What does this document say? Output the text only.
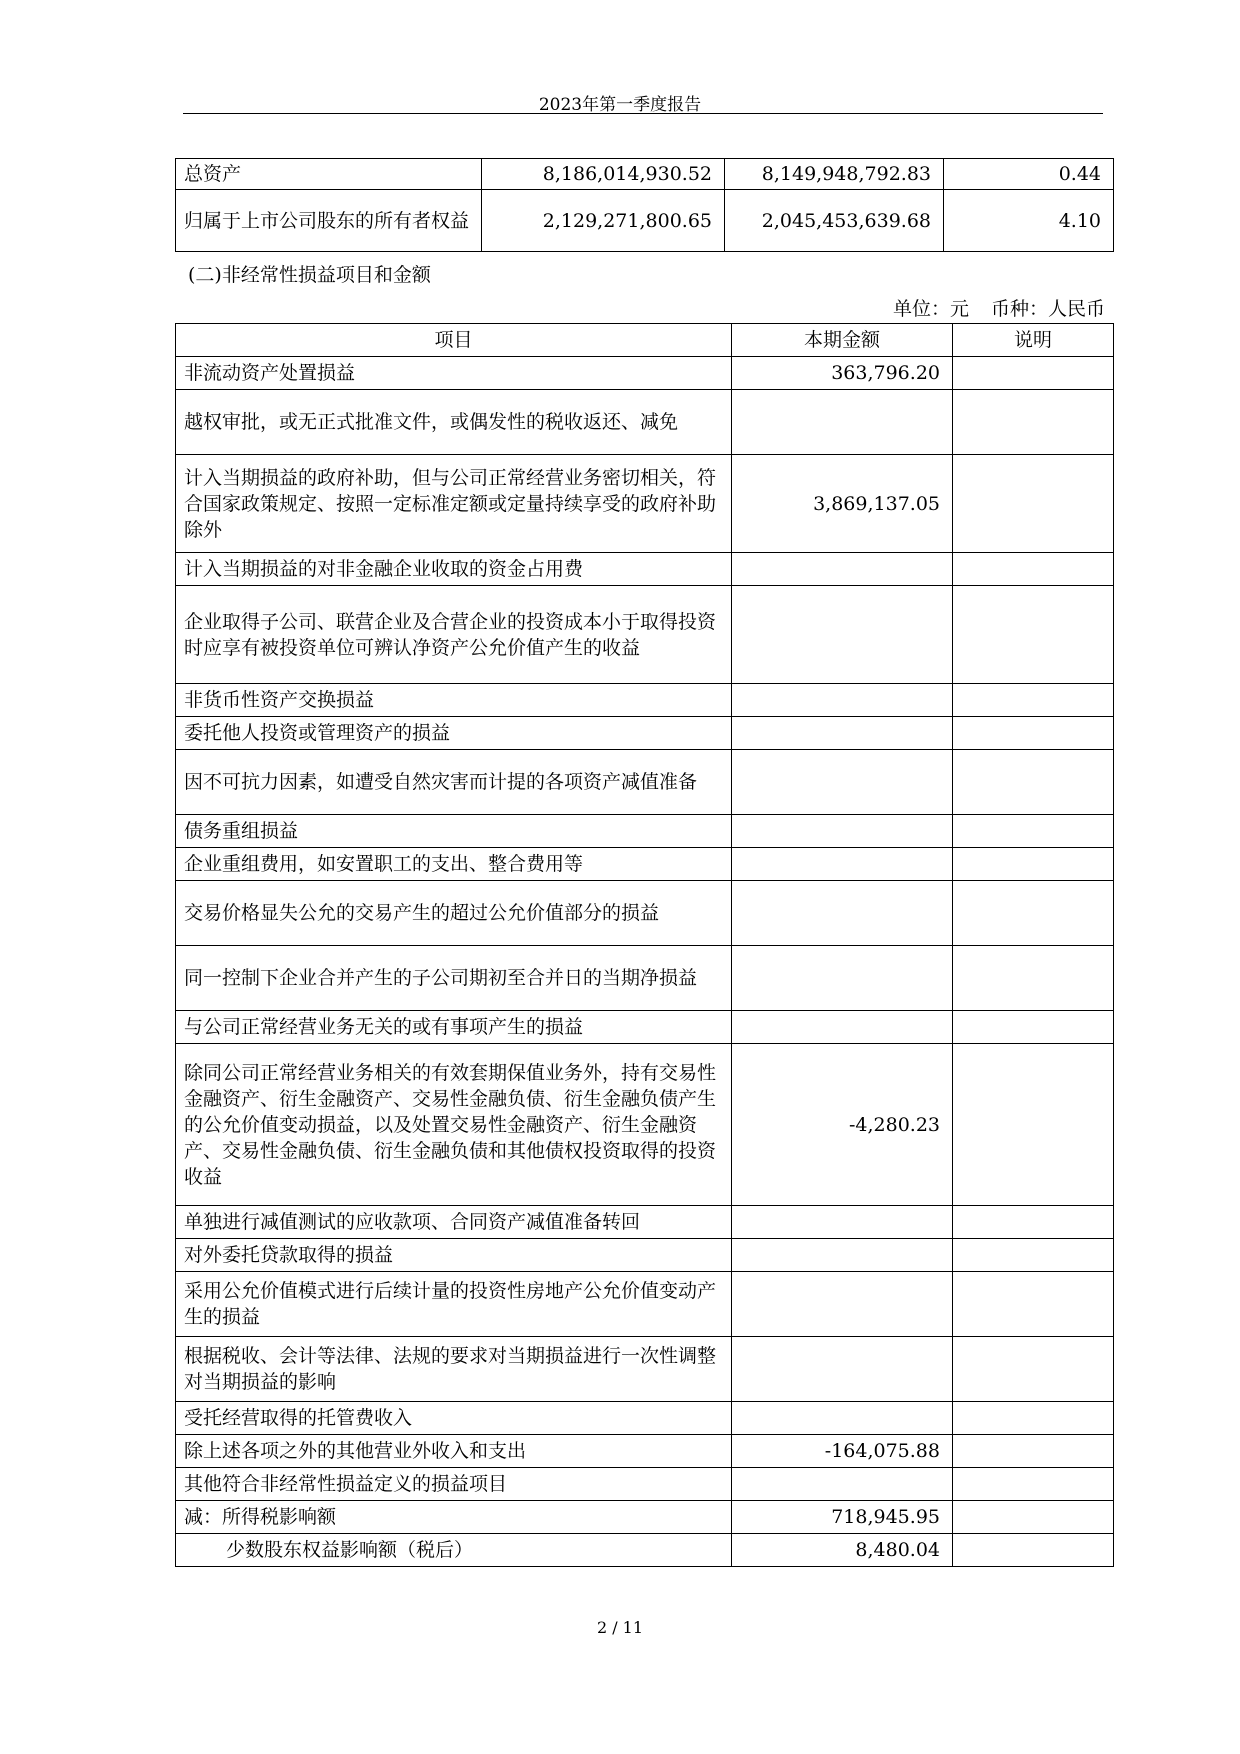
2023年第一季度报告
总资产	8,186,014,930.52	8,149,948,792.83	0.44
归属于上市公司股东的所有者权益	2,129,271,800.65	2,045,453,639.68	4.10
(二)非经常性损益项目和金额
单位：元 币种：人民币
项目	本期金额	说明
非流动资产处置损益	363,796.20	
越权审批，或无正式批准文件，或偶发性的税收返还、减免		
计入当期损益的政府补助，但与公司正常经营业务密切相关，符合国家政策规定、按照一定标准定额或定量持续享受的政府补助除外	3,869,137.05	
计入当期损益的对非金融企业收取的资金占用费		
企业取得子公司、联营企业及合营企业的投资成本小于取得投资时应享有被投资单位可辨认净资产公允价值产生的收益		
非货币性资产交换损益		
委托他人投资或管理资产的损益		
因不可抗力因素，如遭受自然灾害而计提的各项资产减值准备		
债务重组损益		
企业重组费用，如安置职工的支出、整合费用等		
交易价格显失公允的交易产生的超过公允价值部分的损益		
同一控制下企业合并产生的子公司期初至合并日的当期净损益		
与公司正常经营业务无关的或有事项产生的损益		
除同公司正常经营业务相关的有效套期保值业务外，持有交易性金融资产、衍生金融资产、交易性金融负债、衍生金融负债产生的公允价值变动损益，以及处置交易性金融资产、衍生金融资产、交易性金融负债、衍生金融负债和其他债权投资取得的投资收益	-4,280.23	
单独进行减值测试的应收款项、合同资产减值准备转回		
对外委托贷款取得的损益		
采用公允价值模式进行后续计量的投资性房地产公允价值变动产生的损益		
根据税收、会计等法律、法规的要求对当期损益进行一次性调整对当期损益的影响		
受托经营取得的托管费收入		
除上述各项之外的其他营业外收入和支出	-164,075.88	
其他符合非经常性损益定义的损益项目		
减：所得税影响额	718,945.95	
少数股东权益影响额（税后）	8,480.04	
2 / 11
